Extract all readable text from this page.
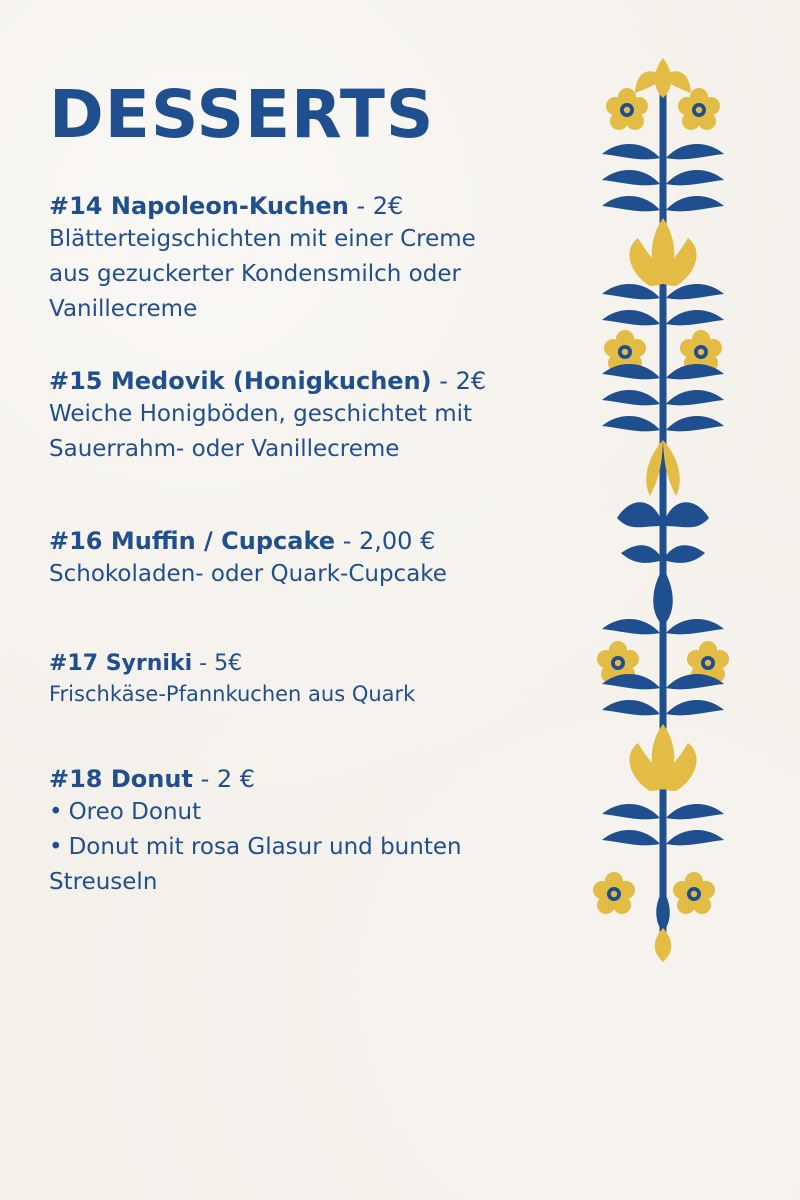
DESSERTS

#14 Napoleon-Kuchen - 2€

Blätterteigschichten mit einer Creme

aus gezuckerter Kondensmilch oder

Vanillecreme

#15 Medovik (Honigkuchen) - 2€

Weiche Honigböden, geschichtet mit

Sauerrahm- oder Vanillecreme

#16 Muffin / Cupcake - 2,00 €

Schokoladen- oder Quark-Cupcake

#17 Syrniki - 5€

Frischkäse-Pfannkuchen aus Quark

#18 Donut - 2 €

• Oreo Donut
• Donut mit rosa Glasur und bunten

Streuseln
